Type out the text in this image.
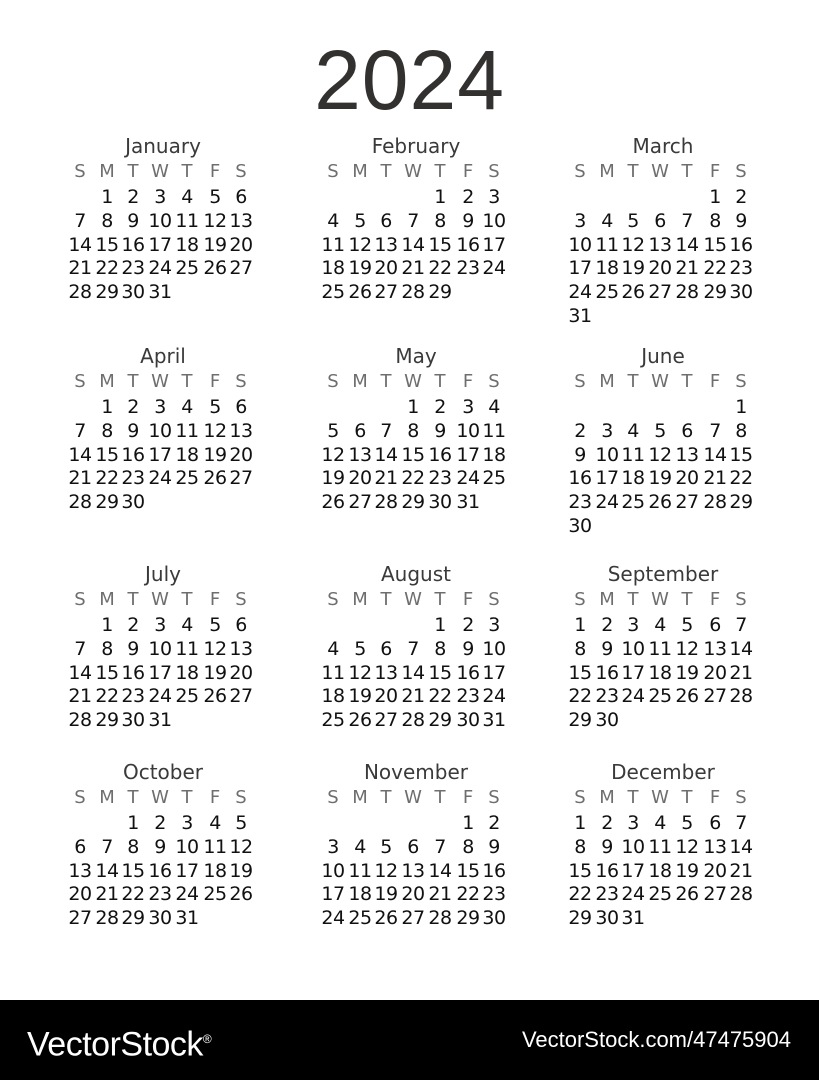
2024
January
S M T W T F S
1 2 3 4 5 6
7 8 9 10 11 12 13
14 15 16 17 18 19 20
21 22 23 24 25 26 27
28 29 30 31
February
S M T W T F S
1 2 3
4 5 6 7 8 9 10
11 12 13 14 15 16 17
18 19 20 21 22 23 24
25 26 27 28 29
March
S M T W T F S
1 2
3 4 5 6 7 8 9
10 11 12 13 14 15 16
17 18 19 20 21 22 23
24 25 26 27 28 29 30
31
April
S M T W T F S
1 2 3 4 5 6
7 8 9 10 11 12 13
14 15 16 17 18 19 20
21 22 23 24 25 26 27
28 29 30
May
S M T W T F S
1 2 3 4
5 6 7 8 9 10 11
12 13 14 15 16 17 18
19 20 21 22 23 24 25
26 27 28 29 30 31
June
S M T W T F S
1
2 3 4 5 6 7 8
9 10 11 12 13 14 15
16 17 18 19 20 21 22
23 24 25 26 27 28 29
30
July
S M T W T F S
1 2 3 4 5 6
7 8 9 10 11 12 13
14 15 16 17 18 19 20
21 22 23 24 25 26 27
28 29 30 31
August
S M T W T F S
1 2 3
4 5 6 7 8 9 10
11 12 13 14 15 16 17
18 19 20 21 22 23 24
25 26 27 28 29 30 31
September
S M T W T F S
1 2 3 4 5 6 7
8 9 10 11 12 13 14
15 16 17 18 19 20 21
22 23 24 25 26 27 28
29 30
October
S M T W T F S
1 2 3 4 5
6 7 8 9 10 11 12
13 14 15 16 17 18 19
20 21 22 23 24 25 26
27 28 29 30 31
November
S M T W T F S
1 2
3 4 5 6 7 8 9
10 11 12 13 14 15 16
17 18 19 20 21 22 23
24 25 26 27 28 29 30
December
S M T W T F S
1 2 3 4 5 6 7
8 9 10 11 12 13 14
15 16 17 18 19 20 21
22 23 24 25 26 27 28
29 30 31
VectorStock®	VectorStock.com/47475904
